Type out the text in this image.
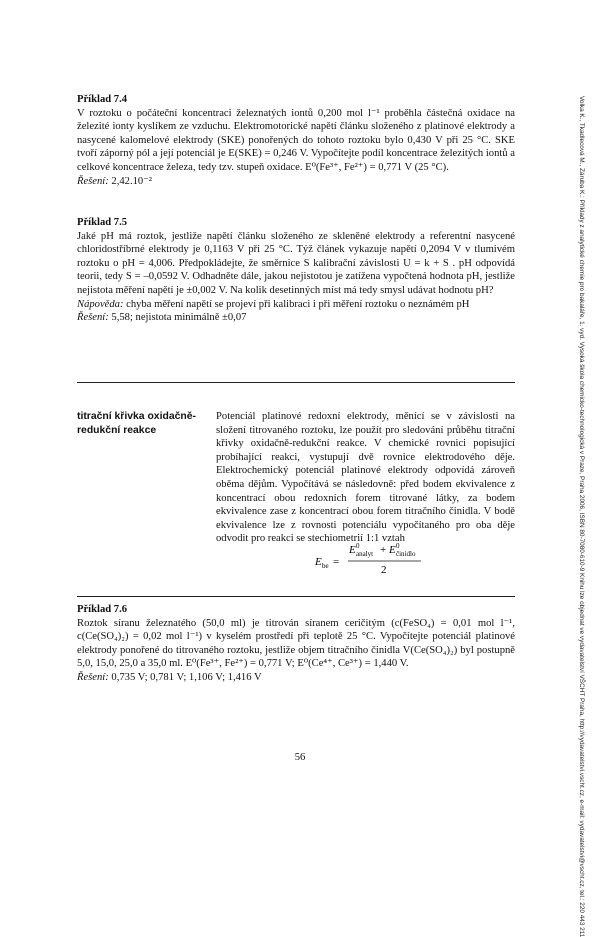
Příklad 7.4
V roztoku o počáteční koncentraci železnatých iontů 0,200 mol l⁻¹ proběhla částečná oxidace na železité ionty kyslíkem ze vzduchu. Elektromotorické napětí článku složeného z platinové elektrody a nasycené kalomelové elektrody (SKE) ponořených do tohoto roztoku bylo 0,430 V při 25 °C. SKE tvoří záporný pól a její potenciál je E(SKE) = 0,246 V. Vypočítejte podíl koncentrace železitých iontů a celkové koncentrace železa, tedy tzv. stupeň oxidace. E⁰(Fe³⁺, Fe²⁺) = 0,771 V (25 °C).
Řešení: 2,42.10⁻²
Příklad 7.5
Jaké pH má roztok, jestliže napětí článku složeného ze skleněné elektrody a referentní nasycené chloridostříbrné elektrody je 0,1163 V při 25 °C. Týž článek vykazuje napětí 0,2094 V v tlumivém roztoku o pH = 4,006. Předpokládejte, že směrnice S kalibrační závislosti U = k + S . pH odpovídá teorii, tedy S = –0,0592 V. Odhadněte dále, jakou nejistotou je zatížena vypočtená hodnota pH, jestliže nejistota měření napětí je ±0,002 V. Na kolik desetinných míst má tedy smysl udávat hodnotu pH?
Nápověda: chyba měření napětí se projeví při kalibraci i při měření roztoku o neznámém pH
Řešení: 5,58; nejistota minimálně ±0,07
titrační křivka oxidačně-redukční reakce
Potenciál platinové redoxní elektrody, měnící se v závislosti na složení titrovaného roztoku, lze použít pro sledování průběhu titrační křivky oxidačně-redukční reakce. V chemické rovnici popisující probíhající reakci, vystupují dvě rovnice elektrodového děje. Elektrochemický potenciál platinové elektrody odpovídá zároveň oběma dějům. Vypočítává se následovně: před bodem ekvivalence z koncentrací obou redoxních forem titrované látky, za bodem ekvivalence zase z koncentrací obou forem titračního činidla. V bodě ekvivalence lze z rovnosti potenciálu vypočítaného pro oba děje odvodit pro reakci se stechiometrií 1:1 vztah
E be =
E 0
analyt + E 0
činidlo
2
Příklad 7.6
Roztok síranu železnatého (50,0 ml) je titrován síranem ceričitým (c(FeSO₄) = 0,01 mol l⁻¹, c(Ce(SO₄)₂) = 0,02 mol l⁻¹) v kyselém prostředí při teplotě 25 °C. Vypočítejte potenciál platinové elektrody ponořené do titrovaného roztoku, jestliže objem titračního činidla V(Ce(SO₄)₂) byl postupně 5,0, 15,0, 25,0 a 35,0 ml. E⁰(Fe³⁺, Fe²⁺) = 0,771 V; E⁰(Ce⁴⁺, Ce³⁺) = 1,440 V.
Řešení: 0,735 V; 0,781 V; 1,106 V; 1,416 V
56	Volka K., Tkadlecová M., Záruba K.: Příklady z analytické chemie pro bakaláře, 1. vyd. Vysoká škola chemicko-technologická v Praze, Praha 2006, ISBN 80-7080-610-9 Knihu lze objednat ve vydavatelství VŠCHT Praha, http://vydavatelstvi.vscht.cz, e-mail: vydavatelstvi@vscht.cz, tel.: 220 443 211
